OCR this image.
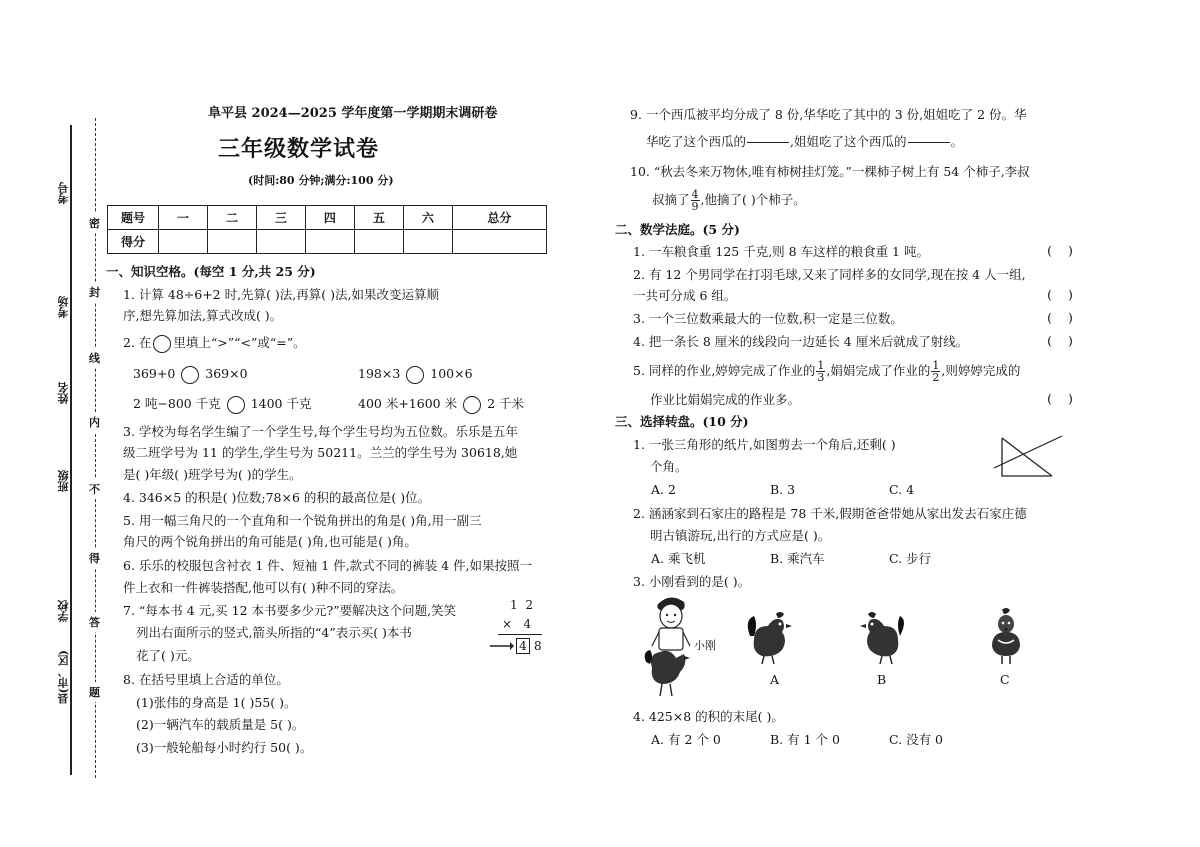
考号
考场
姓名
班级
学校
县(市、区)
密
封
线
内
不
得
答
题
阜平县 2024—2025 学年度第一学期期末调研卷
三年级数学试卷
(时间:80 分钟;满分:100 分)
题号	一	二	三	四	五	六	总分
得分							
一、知识空格。(每空 1 分,共 25 分)
1. 计算 48÷6+2 时,先算( )法,再算( )法,如果改变运算顺
序,想先算加法,算式改成( )。
2. 在 里填上“>”“<”或“=”。
369+0 369×0	198×3 100×6
2 吨−800 千克 1400 千克	400 米+1600 米 2 千米
3. 学校为每名学生编了一个学生号,每个学生号均为五位数。乐乐是五年
级二班学号为 11 的学生,学生号为 50211。兰兰的学生号为 30618,她
是( )年级( )班学号为( )的学生。
4. 346×5 的积是( )位数;78×6 的积的最高位是( )位。
5. 用一幅三角尺的一个直角和一个锐角拼出的角是( )角,用一副三
角尺的两个锐角拼出的角可能是( )角,也可能是( )角。
6. 乐乐的校服包含衬衣 1 件、短袖 1 件,款式不同的裤装 4 件,如果按照一
件上衣和一件裤装搭配,他可以有( )种不同的穿法。
7. “每本书 4 元,买 12 本书要多少元?”要解决这个问题,笑笑
列出右面所示的竖式,箭头所指的“4”表示买( )本书
花了( )元。
1 2
×   4
4 8
8. 在括号里填上合适的单位。
(1)张伟的身高是 1( )55( )。
(2)一辆汽车的载质量是 5( )。
(3)一般轮船每小时约行 50( )。
9. 一个西瓜被平均分成了 8 份,华华吃了其中的 3 份,姐姐吃了 2 份。华
华吃了这个西瓜的	,姐姐吃了这个西瓜的	。
10. “秋去冬来万物休,唯有柿树挂灯笼。”一棵柿子树上有 54 个柿子,李叔
叔摘了 $\frac{4}{9}$ ,他摘了( )个柿子。
二、数学法庭。(5 分)
1. 一车粮食重 125 千克,则 8 车这样的粮食重 1 吨。	(    )
2. 有 12 个男同学在打羽毛球,又来了同样多的女同学,现在按 4 人一组,
一共可分成 6 组。	(    )
3. 一个三位数乘最大的一位数,积一定是三位数。	(    )
4. 把一条长 8 厘米的线段向一边延长 4 厘米后就成了射线。	(    )
5. 同样的作业,婷婷完成了作业的 $\frac{1}{3}$ ,娟娟完成了作业的 $\frac{1}{2}$ ,则婷婷完成的
作业比娟娟完成的作业多。	(    )
三、选择转盘。(10 分)
1. 一张三角形的纸片,如图剪去一个角后,还剩( )
个角。
A. 2	B. 3	C. 4
2. 涵涵家到石家庄的路程是 78 千米,假期爸爸带她从家出发去石家庄德
明古镇游玩,出行的方式应是( )。
A. 乘飞机	B. 乘汽车	C. 步行
3. 小刚看到的是( )。
小刚
A	B	C
4. 425×8 的积的末尾( )。
A. 有 2 个 0	B. 有 1 个 0	C. 没有 0
